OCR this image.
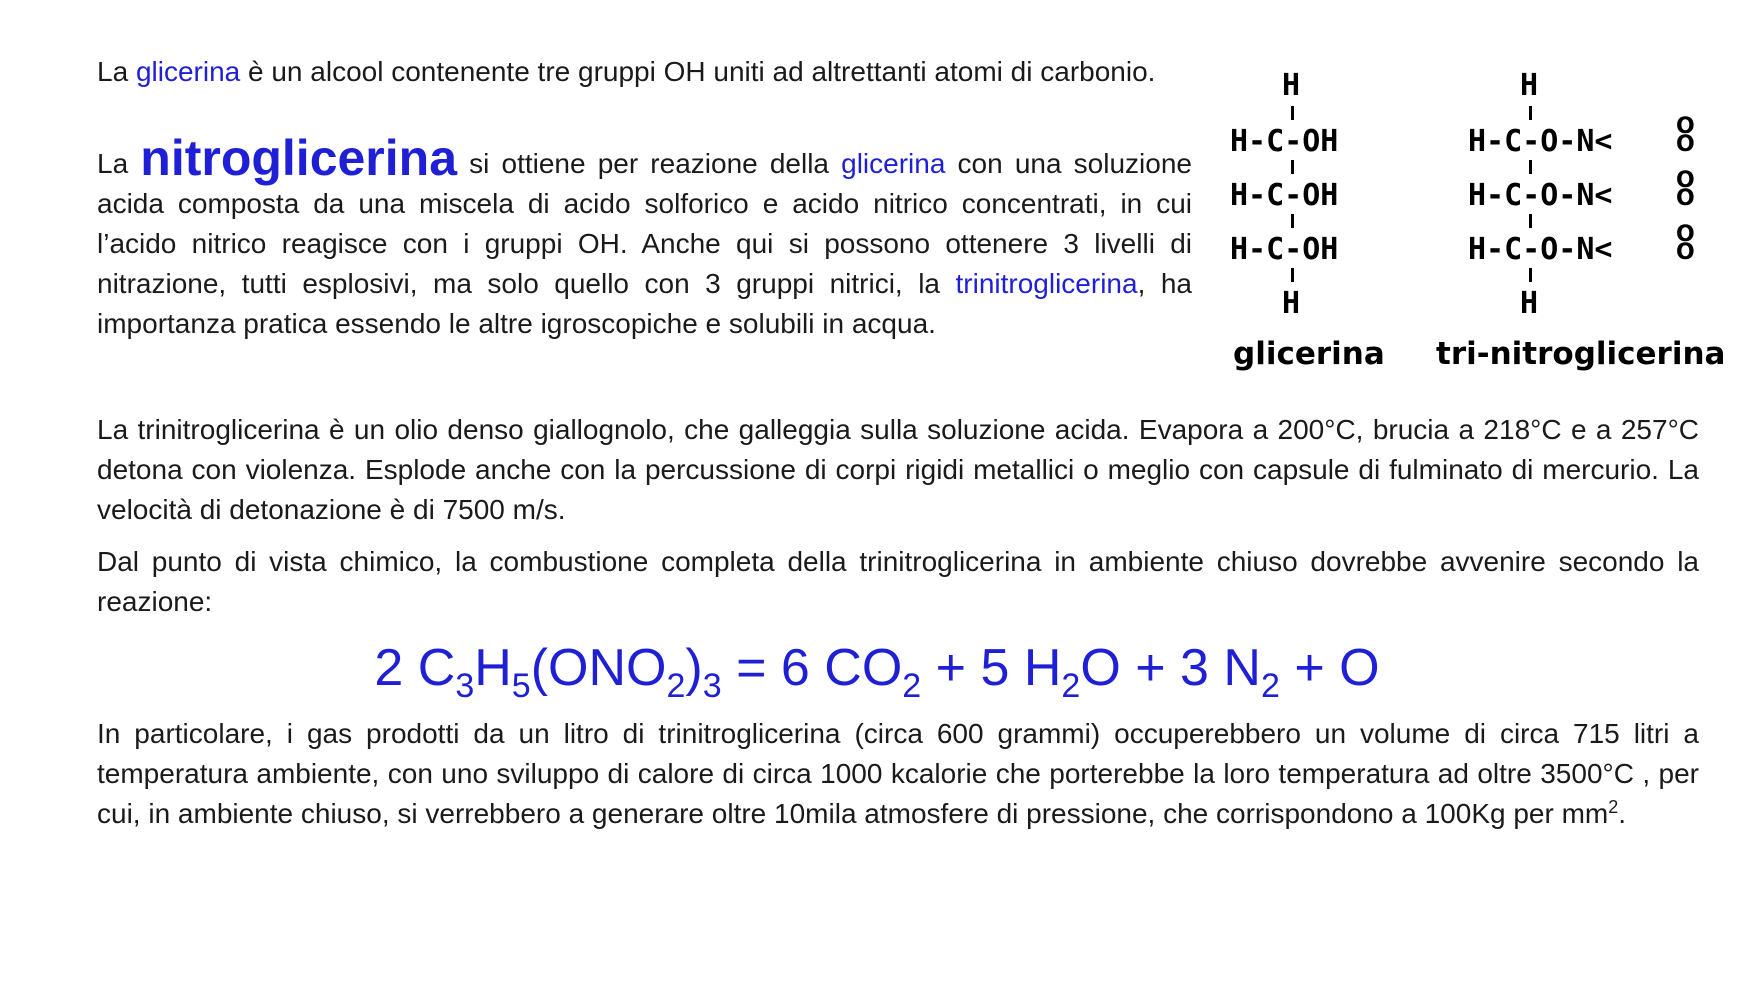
La glicerina è un alcool contenente tre gruppi OH uniti ad altrettanti atomi di carbonio.
La nitroglicerina si ottiene per reazione della glicerina con una soluzione acida composta da una miscela di acido solforico e acido nitrico concentrati, in cui l’acido nitrico reagisce con i gruppi OH. Anche qui si possono ottenere 3 livelli di nitrazione, tutti esplosivi, ma solo quello con 3 gruppi nitrici, la trinitroglicerina, ha importanza pratica essendo le altre igroscopiche e solubili in acqua.
H
H-C-OH
H-C-OH
H-C-OH
H
glicerina
H
H-C-O-N<	O
O
H-C-O-N<	O
O
H-C-O-N<	O
O
H
tri-nitroglicerina
La trinitroglicerina è un olio denso giallognolo, che galleggia sulla soluzione acida. Evapora a 200°C, brucia a 218°C e a 257°C detona con violenza. Esplode anche con la percussione di corpi rigidi metallici o meglio con capsule di fulminato di mercurio. La velocità di detonazione è di 7500 m/s.
Dal punto di vista chimico, la combustione completa della trinitroglicerina in ambiente chiuso dovrebbe avvenire secondo la reazione:
2 $C_3H_5(ONO_2)_3 = 6$ $CO_2 + 5$ $H_2O + 3$ $N_2 + O$
In particolare, i gas prodotti da un litro di trinitroglicerina (circa 600 grammi) occuperebbero un volume di circa 715 litri a temperatura ambiente, con uno sviluppo di calore di circa 1000 kcalorie che porterebbe la loro temperatura ad oltre 3500°C , per cui, in ambiente chiuso, si verrebbero a generare oltre 10mila atmosfere di pressione, che corrispondono a 100Kg per $mm^2$.
